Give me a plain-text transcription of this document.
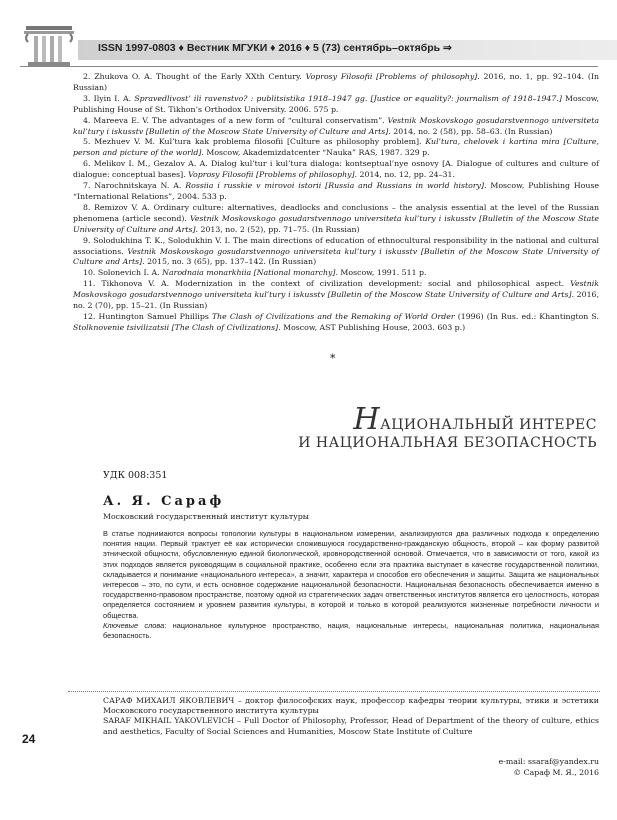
ISSN 1997-0803 ♦ Вестник МГУКИ ♦ 2016 ♦ 5 (73) сентябрь–октябрь ⇒

2. Zhukova O. A. Thought of the Early XXth Century. Voprosy Filosofii [Problems of philosophy]. 2016, no. 1, pp. 92–104. (In Russian)

3. Ilyin I. A. Spravedlivost’ ili ravenstvo? : publitsistika 1918–1947 gg. [Justice or equality?: journalism of 1918–1947.] Moscow, Publishing House of St. Tikhon’s Orthodox University. 2006. 575 p.

4. Mareeva E. V. The advantages of a new form of “cultural conservatism”. Vestnik Moskovskogo gosudarstvennogo universiteta kul’tury i iskusstv [Bulletin of the Moscow State University of Culture and Arts]. 2014, no. 2 (58), pp. 58–63. (In Russian)

5. Mezhuev V. M. Kul’tura kak problema filosofii [Culture as philosophy problem]. Kul’tura, chelovek i kartina mira [Culture, person and picture of the world]. Moscow, Akademizdatcenter “Nauka” RAS, 1987. 329 p.

6. Melikov I. M., Gezalov A. A. Dialog kul’tur i kul’tura dialoga: kontseptual’nye osnovy [A. Dialogue of cultures and culture of dialogue: conceptual bases]. Voprosy Filosofii [Problems of philosophy]. 2014, no. 12, pp. 24–31.

7. Narochnitskaya N. A. Rossiia i russkie v mirovoi istorii [Russia and Russians in world history]. Moscow, Publishing House “International Relations”, 2004. 533 p.

8. Remizov V. A. Ordinary culture: alternatives, deadlocks and conclusions – the analysis essential at the level of the Russian phenomena (article second). Vestnik Moskovskogo gosudarstvennogo universiteta kul’tury i iskusstv [Bulletin of the Moscow State University of Culture and Arts]. 2013, no. 2 (52), pp. 71–75. (In Russian)

9. Solodukhina T. K., Solodukhin V. I. The main directions of education of ethnocultural responsibility in the national and cultural associations. Vestnik Moskovskogo gosudarstvennogo universiteta kul’tury i iskusstv [Bulletin of the Moscow State University of Culture and Arts]. 2015, no. 3 (65), pp. 137–142. (In Russian)

10. Solonevich I. A. Narodnaia monarkhiia [National monarchy]. Moscow, 1991. 511 p.

11. Tikhonova V. A. Modernization in the context of civilization development: social and philosophical aspect. Vestnik Moskovskogo gosudarstvennogo universiteta kul’tury i iskusstv [Bulletin of the Moscow State University of Culture and Arts]. 2016, no. 2 (70), pp. 15–21. (In Russian)

12. Huntington Samuel Phillips The Clash of Civilizations and the Remaking of World Order (1996) (In Rus. ed.: Khantington S. Stolknovenie tsivilizatsii [The Clash of Civilizations]. Moscow, AST Publishing House, 2003. 603 p.)

*
НАЦИОНАЛЬНЫЙ ИНТЕРЕС
И НАЦИОНАЛЬНАЯ БЕЗОПАСНОСТЬ
УДК 008:351
А. Я. Сараф
Московский государственный институт культуры

В статье поднимаются вопросы топологии культуры в национальном измерении, анализируются два различных подхода к определению понятия нации. Первый трактует её как исторически сложившуюся государственно-гражданскую общность, второй – как форму развитой этнической общности, обусловленную единой биологической, кровнородственной основой. Отмечается, что в зависимости от того, какой из этих подходов является руководящим в социальной практике, особенно если эта практика выступает в качестве государственной политики, складывается и понимание «национального интереса», а значит, характера и способов его обеспечения и защиты. Защита же национальных интересов – это, по сути, и есть основное содержание национальной безопасности. Национальная безопасность обеспечивается именно в государственно-правовом пространстве, поэтому одной из стратегических задач ответственных институтов является его целостность, которая определяется состоянием и уровнем развития культуры, в которой и только в которой реализуются жизненные потребности личности и общества.

Ключевые слова: национальное культурное пространство, нация, национальные интересы, национальная политика, национальная безопасность.

САРАФ МИХАИЛ ЯКОВЛЕВИЧ – доктор философских наук, профессор кафедры теории культуры, этики и эстетики Московского государственного института культуры

SARAF MIKHAIL YAKOVLEVICH – Full Doctor of Philosophy, Professor, Head of Department of the theory of culture, ethics and aesthetics, Faculty of Social Sciences and Humanities, Moscow State Institute of Culture

e-mail: ssaraf@yandex.ru
© Сараф М. Я., 2016
24
